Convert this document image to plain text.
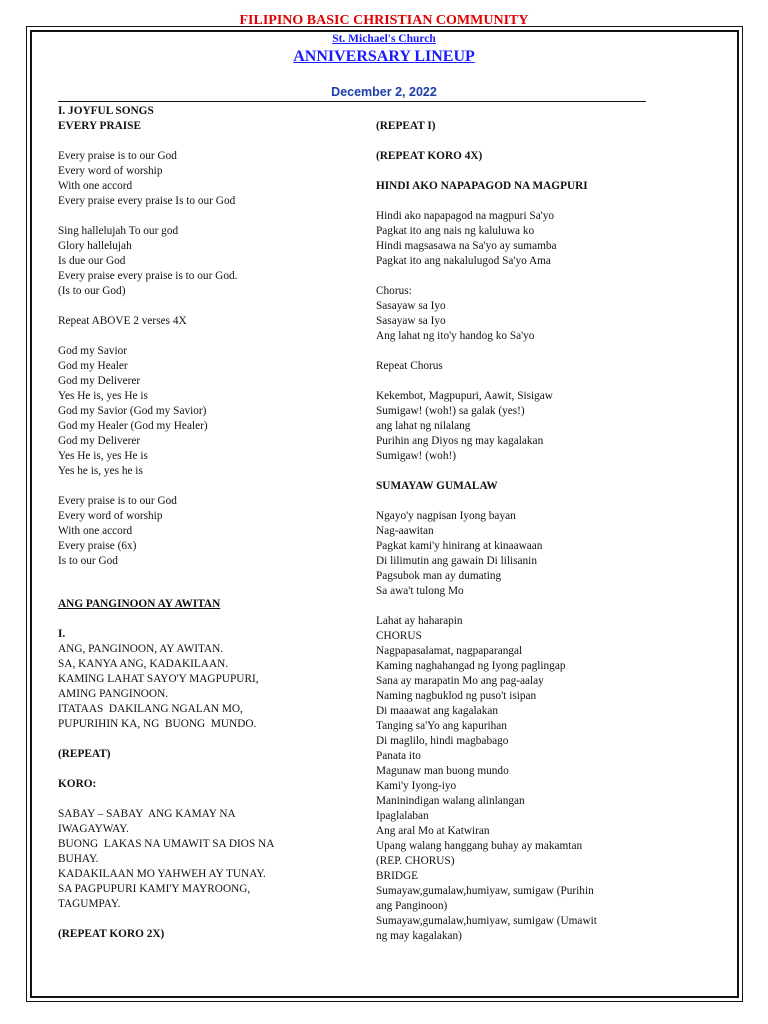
FILIPINO BASIC CHRISTIAN COMMUNITY
St. Michael's Church
ANNIVERSARY LINEUP
December 2, 2022
I. JOYFUL SONGS
EVERY PRAISE
Every praise is to our God
Every word of worship
With one accord
Every praise every praise Is to our God
Sing hallelujah To our god
Glory hallelujah
Is due our God
Every praise every praise is to our God.
(Is to our God)
Repeat ABOVE 2 verses 4X
God my Savior
God my Healer
God my Deliverer
Yes He is, yes He is
God my Savior (God my Savior)
God my Healer (God my Healer)
God my Deliverer
Yes He is, yes He is
Yes he is, yes he is
Every praise is to our God
Every word of worship
With one accord
Every praise (6x)
Is to our God
ANG PANGINOON AY AWITAN
I.
ANG, PANGINOON, AY AWITAN.
SA, KANYA ANG, KADAKILAAN.
KAMING LAHAT SAYO'Y MAGPUPURI,
AMING PANGINOON.
ITATAAS  DAKILANG NGALAN MO,
PUPURIHIN KA, NG  BUONG  MUNDO.
(REPEAT)
KORO:
SABAY – SABAY  ANG KAMAY NA
IWAGAYWAY.
BUONG  LAKAS NA UMAWIT SA DIOS NA
BUHAY.
KADAKILAAN MO YAHWEH AY TUNAY.
SA PAGPUPURI KAMI'Y MAYROONG,
TAGUMPAY.
(REPEAT KORO 2X)
(REPEAT I)
(REPEAT KORO 4X)
HINDI AKO NAPAPAGOD NA MAGPURI
Hindi ako napapagod na magpuri Sa'yo
Pagkat ito ang nais ng kaluluwa ko
Hindi magsasawa na Sa'yo ay sumamba
Pagkat ito ang nakalulugod Sa'yo Ama
Chorus:
Sasayaw sa Iyo
Sasayaw sa Iyo
Ang lahat ng ito'y handog ko Sa'yo
Repeat Chorus
Kekembot, Magpupuri, Aawit, Sisigaw
Sumigaw! (woh!) sa galak (yes!)
ang lahat ng nilalang
Purihin ang Diyos ng may kagalakan
Sumigaw! (woh!)
SUMAYAW GUMALAW
Ngayo'y nagpisan Iyong bayan
Nag-aawitan
Pagkat kami'y hinirang at kinaawaan
Di lilimutin ang gawain Di lilisanin
Pagsubok man ay dumating
Sa awa't tulong Mo
Lahat ay haharapin
CHORUS
Nagpapasalamat, nagpaparangal
Kaming naghahangad ng Iyong paglingap
Sana ay marapatin Mo ang pag-aalay
Naming nagbuklod ng puso't isipan
Di maaawat ang kagalakan
Tanging sa'Yo ang kapurihan
Di maglilo, hindi magbabago
Panata ito
Magunaw man buong mundo
Kami'y Iyong-iyo
Maninindigan walang alinlangan
Ipaglalaban
Ang aral Mo at Katwiran
Upang walang hanggang buhay ay makamtan
(REP. CHORUS)
BRIDGE
Sumayaw,gumalaw,humiyaw, sumigaw (Purihin
ang Panginoon)
Sumayaw,gumalaw,humiyaw, sumigaw (Umawit
ng may kagalakan)
